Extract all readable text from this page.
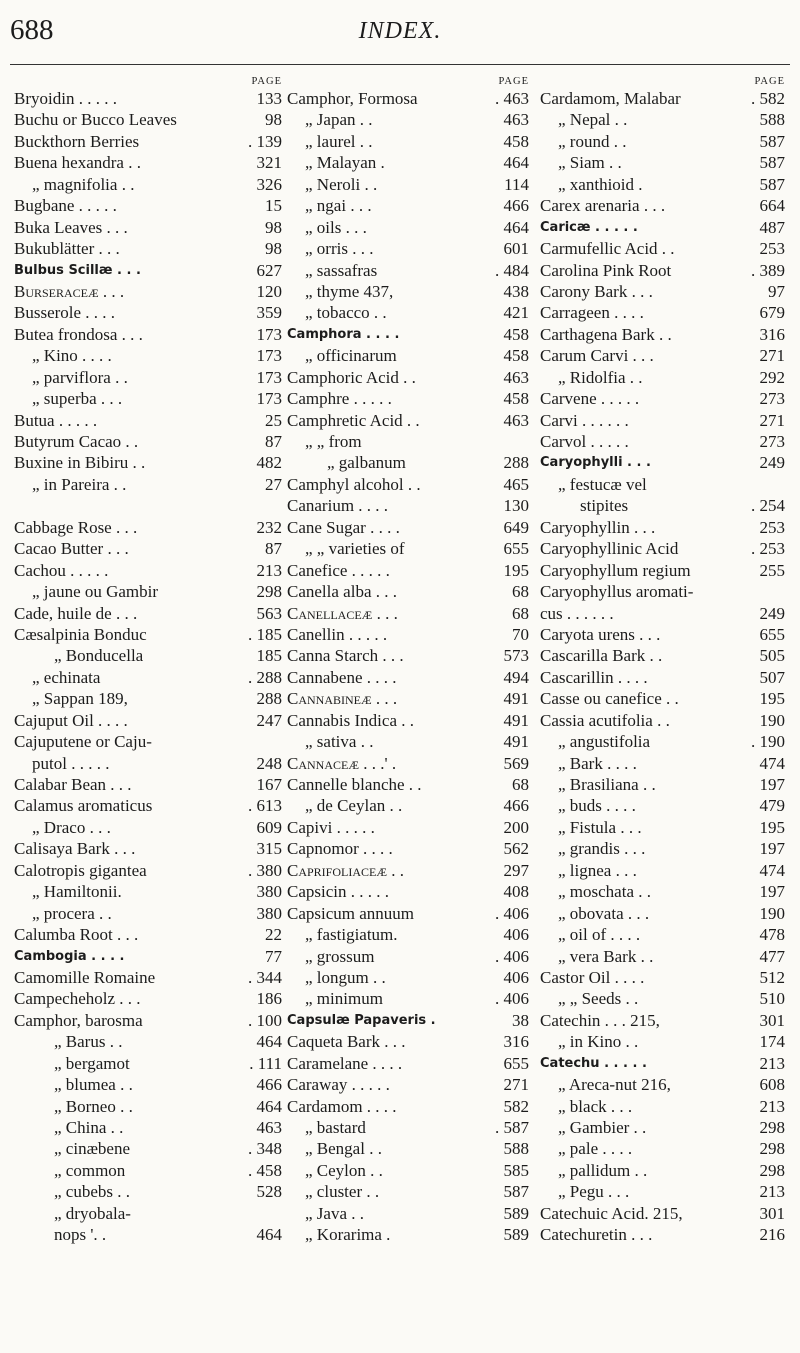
688	INDEX.
PAGE
Bryoidin . . . . .	133
Buchu or Bucco Leaves	98
Buckthorn Berries	. 139
Buena hexandra . .	321
„ magnifolia . .	326
Bugbane . . . . .	15
Buka Leaves . . .	98
Bukublätter . . .	98
Bulbus Scillæ . . .	627
Burseraceæ . . .	120
Busserole . . . .	359
Butea frondosa . . .	173
„ Kino . . . .	173
„ parviflora . .	173
„ superba . . .	173
Butua . . . . .	25
Butyrum Cacao . .	87
Buxine in Bibiru . .	482
„ in Pareira . .	27
Cabbage Rose . . .	232
Cacao Butter . . .	87
Cachou . . . . .	213
„ jaune ou Gambir	298
Cade, huile de . . .	563
Cæsalpinia Bonduc	. 185
„ Bonducella	185
„ echinata	. 288
„ Sappan 189,	288
Cajuput Oil . . . .	247
Cajuputene or Caju-
putol . . . . .	248
Calabar Bean . . .	167
Calamus aromaticus	. 613
„ Draco . . .	609
Calisaya Bark . . .	315
Calotropis gigantea	. 380
„ Hamiltonii.	380
„ procera . .	380
Calumba Root . . .	22
Cambogia . . . .	77
Camomille Romaine	. 344
Campecheholz . . .	186
Camphor, barosma	. 100
„ Barus . .	464
„ bergamot	. 111
„ blumea . .	466
„ Borneo . .	464
„ China . .	463
„ cinæbene	. 348
„ common	. 458
„ cubebs . .	528
„ dryobala-
nops '. .	464
PAGE
Camphor, Formosa	. 463
„ Japan . .	463
„ laurel . .	458
„ Malayan .	464
„ Neroli . .	114
„ ngai . . .	466
„ oils . . .	464
„ orris . . .	601
„ sassafras	. 484
„ thyme 437,	438
„ tobacco . .	421
Camphora . . . .	458
„ officinarum	458
Camphoric Acid . .	463
Camphre . . . . .	458
Camphretic Acid . .	463
„ „ from
„ galbanum	288
Camphyl alcohol . .	465
Canarium . . . .	130
Cane Sugar . . . .	649
„ „ varieties of	655
Canefice . . . . .	195
Canella alba . . .	68
Canellaceæ . . .	68
Canellin . . . . .	70
Canna Starch . . .	573
Cannabene . . . .	494
Cannabineæ . . .	491
Cannabis Indica . .	491
„ sativa . .	491
Cannaceæ . . .' .	569
Cannelle blanche . .	68
„ de Ceylan . .	466
Capivi . . . . .	200
Capnomor . . . .	562
Caprifoliaceæ . .	297
Capsicin . . . . .	408
Capsicum annuum	. 406
„ fastigiatum.	406
„ grossum	. 406
„ longum . .	406
„ minimum	. 406
Capsulæ Papaveris .	38
Caqueta Bark . . .	316
Caramelane . . . .	655
Caraway . . . . .	271
Cardamom . . . .	582
„ bastard	. 587
„ Bengal . .	588
„ Ceylon . .	585
„ cluster . .	587
„ Java . .	589
„ Korarima .	589
PAGE
Cardamom, Malabar	. 582
„ Nepal . .	588
„ round . .	587
„ Siam . .	587
„ xanthioid .	587
Carex arenaria . . .	664
Caricæ . . . . .	487
Carmufellic Acid . .	253
Carolina Pink Root	. 389
Carony Bark . . .	97
Carrageen . . . .	679
Carthagena Bark . .	316
Carum Carvi . . .	271
„ Ridolfia . .	292
Carvene . . . . .	273
Carvi . . . . . .	271
Carvol . . . . .	273
Caryophylli . . .	249
„ festucæ vel
stipites	. 254
Caryophyllin . . .	253
Caryophyllinic Acid	. 253
Caryophyllum regium	255
Caryophyllus aromati-
cus . . . . . .	249
Caryota urens . . .	655
Cascarilla Bark . .	505
Cascarillin . . . .	507
Casse ou canefice . .	195
Cassia acutifolia . .	190
„ angustifolia	. 190
„ Bark . . . .	474
„ Brasiliana . .	197
„ buds . . . .	479
„ Fistula . . .	195
„ grandis . . .	197
„ lignea . . .	474
„ moschata . .	197
„ obovata . . .	190
„ oil of . . . .	478
„ vera Bark . .	477
Castor Oil . . . .	512
„ „ Seeds . .	510
Catechin . . . 215,	301
„ in Kino . .	174
Catechu . . . . .	213
„ Areca-nut 216,	608
„ black . . .	213
„ Gambier . .	298
„ pale . . . .	298
„ pallidum . .	298
„ Pegu . . .	213
Catechuic Acid. 215,	301
Catechuretin . . .	216
